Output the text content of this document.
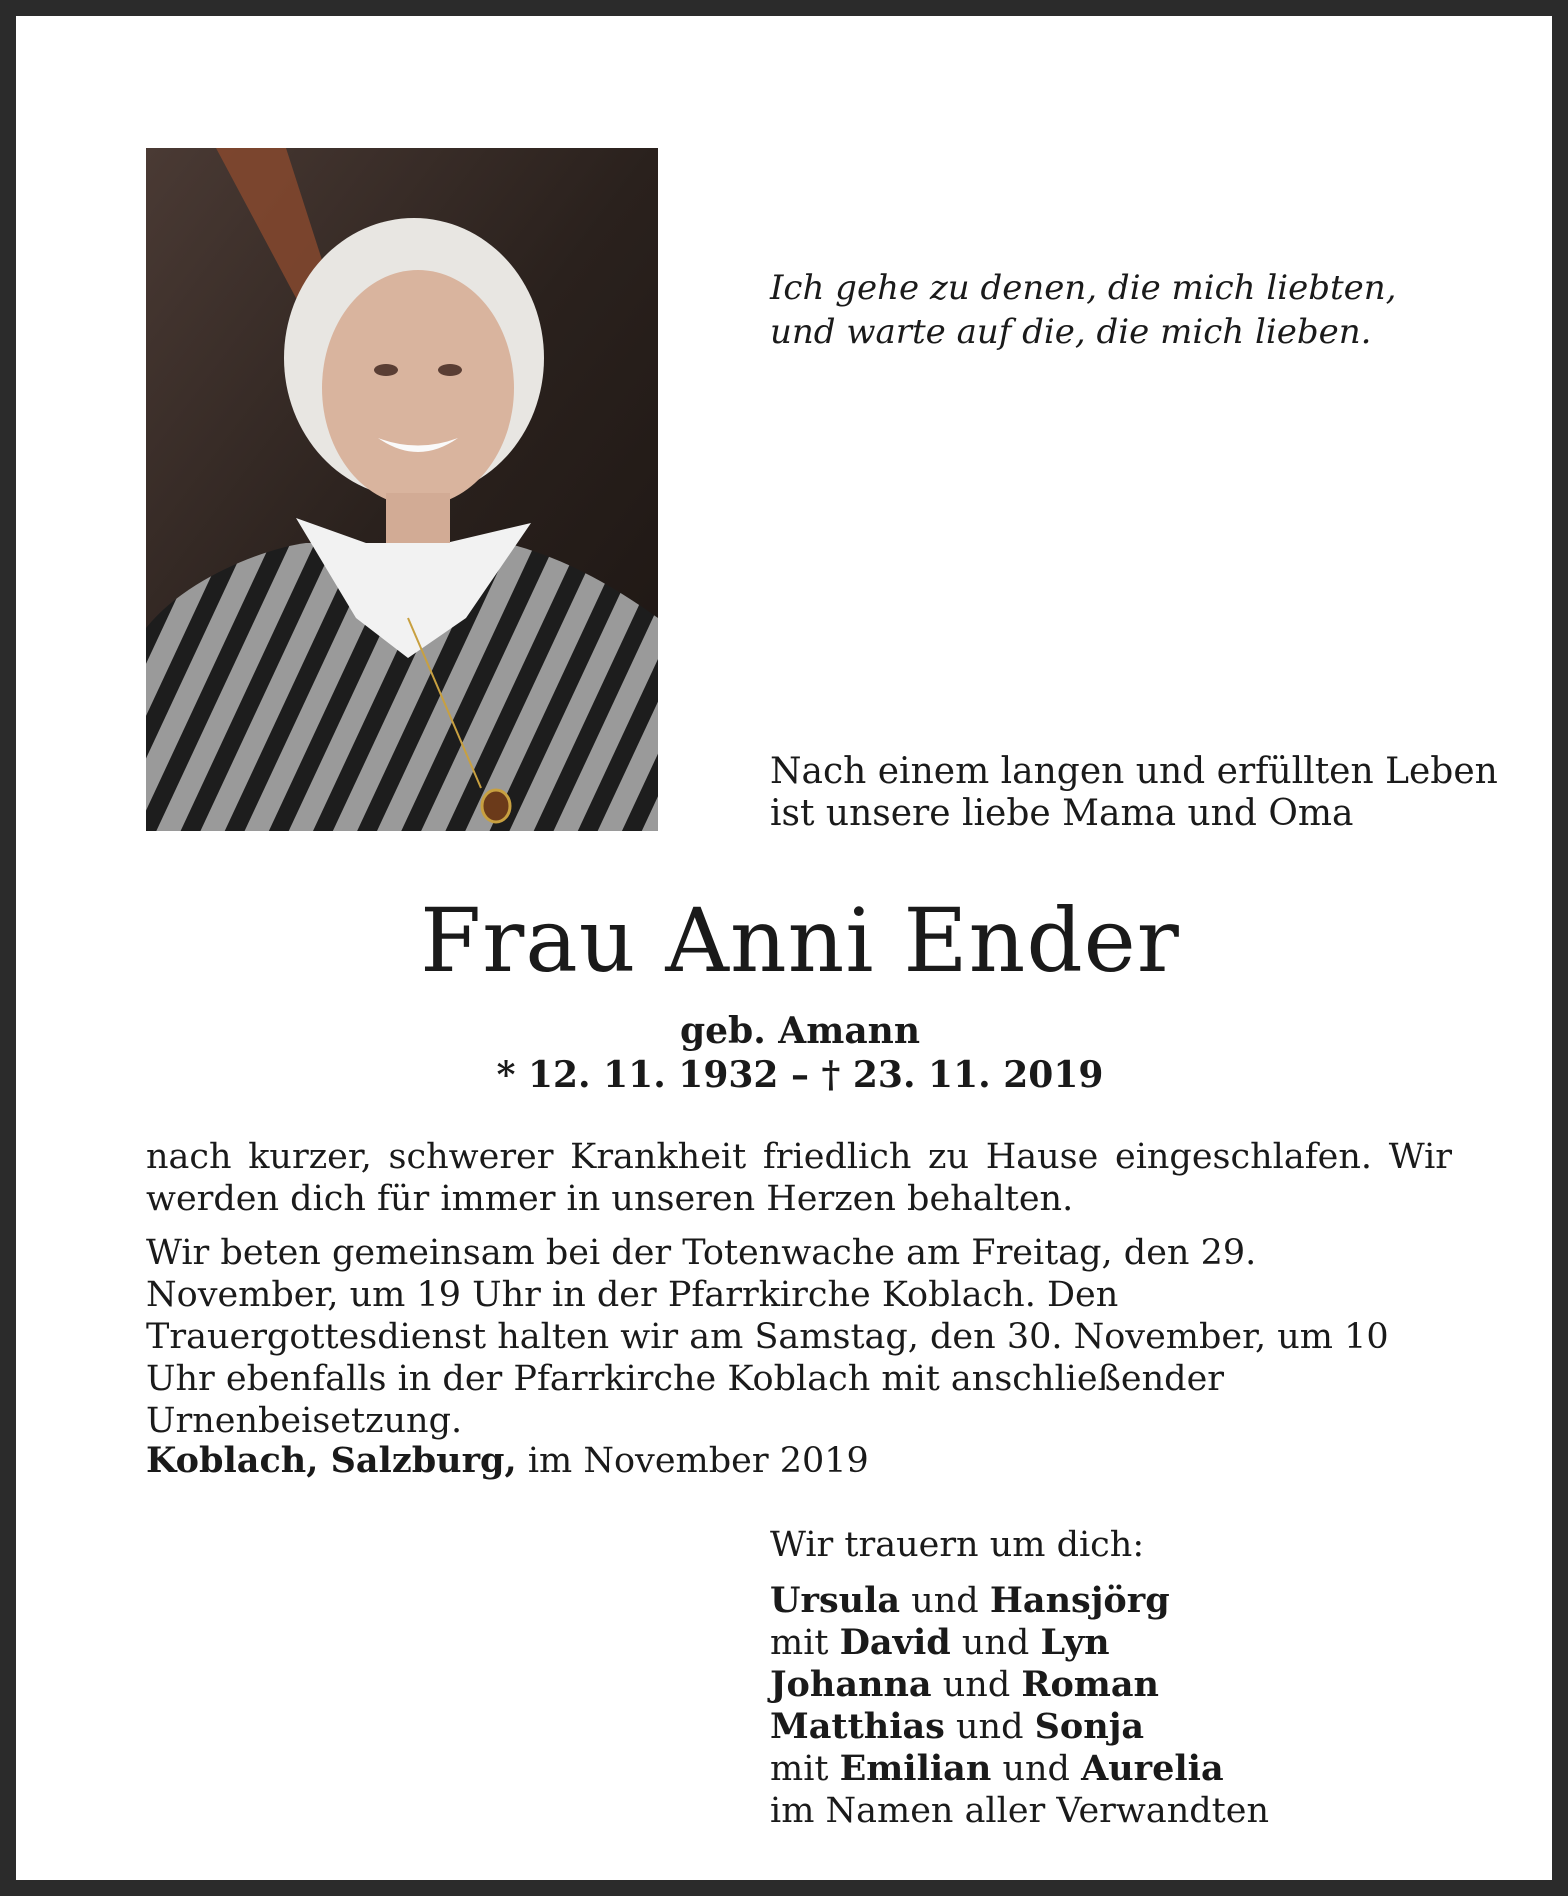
Ich gehe zu denen, die mich liebten,
und warte auf die, die mich lieben.
Nach einem langen und erfüllten Leben
ist unsere liebe Mama und Oma
Frau Anni Ender
geb. Amann
* 12. 11. 1932 – † 23. 11. 2019
nach kurzer, schwerer Krankheit friedlich zu Hause eingeschlafen. Wir werden dich für immer in unseren Herzen behalten.
Wir beten gemeinsam bei der Totenwache am Freitag, den 29. November, um 19 Uhr in der Pfarrkirche Koblach. Den Trauergottesdienst halten wir am Samstag, den 30. November, um 10 Uhr ebenfalls in der Pfarrkirche Koblach mit anschließender Urnenbeisetzung.
Koblach, Salzburg, im November 2019
Wir trauern um dich:
Ursula und Hansjörg
mit David und Lyn
Johanna und Roman
Matthias und Sonja
mit Emilian und Aurelia
im Namen aller Verwandten
